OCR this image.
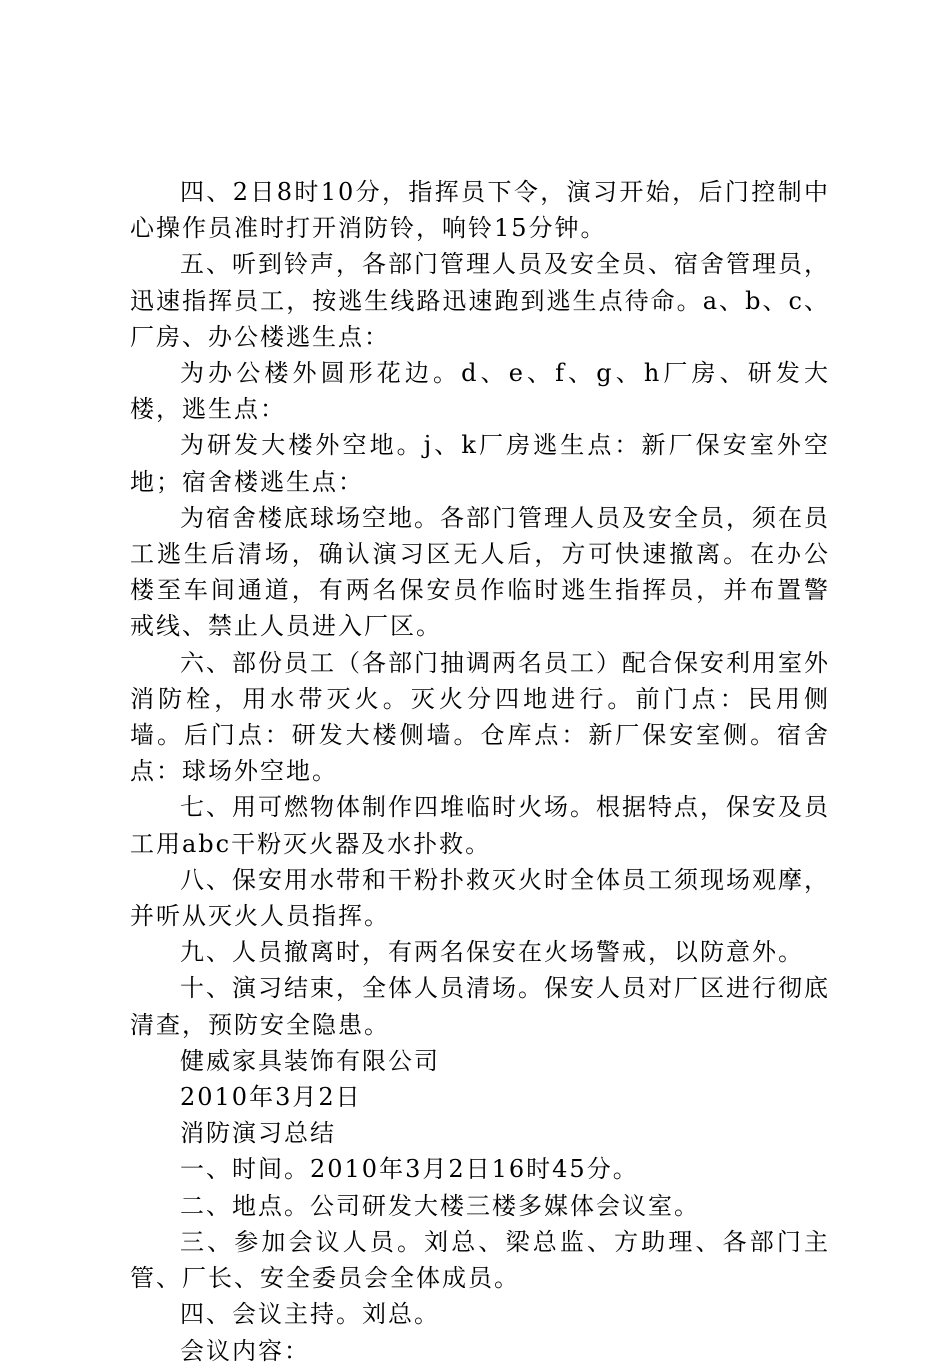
四、2日8时10分，指挥员下令，演习开始，后门控制中心操作员准时打开消防铃，响铃15分钟。

五、听到铃声，各部门管理人员及安全员、宿舍管理员，迅速指挥员工，按逃生线路迅速跑到逃生点待命。a、b、c、厂房、办公楼逃生点：

为办公楼外圆形花边。d、e、f、g、h厂房、研发大楼，逃生点：

为研发大楼外空地。j、k厂房逃生点：新厂保安室外空地；宿舍楼逃生点：

为宿舍楼底球场空地。各部门管理人员及安全员，须在员工逃生后清场，确认演习区无人后，方可快速撤离。在办公楼至车间通道，有两名保安员作临时逃生指挥员，并布置警戒线、禁止人员进入厂区。

六、部份员工（各部门抽调两名员工）配合保安利用室外消防栓，用水带灭火。灭火分四地进行。前门点：民用侧墙。后门点：研发大楼侧墙。仓库点：新厂保安室侧。宿舍点：球场外空地。

七、用可燃物体制作四堆临时火场。根据特点，保安及员工用abc干粉灭火器及水扑救。

八、保安用水带和干粉扑救灭火时全体员工须现场观摩，并听从灭火人员指挥。

九、人员撤离时，有两名保安在火场警戒，以防意外。

十、演习结束，全体人员清场。保安人员对厂区进行彻底清查，预防安全隐患。

健威家具装饰有限公司

2010年3月2日

消防演习总结

一、时间。2010年3月2日16时45分。

二、地点。公司研发大楼三楼多媒体会议室。

三、参加会议人员。刘总、梁总监、方助理、各部门主管、厂长、安全委员会全体成员。

四、会议主持。刘总。

会议内容：
